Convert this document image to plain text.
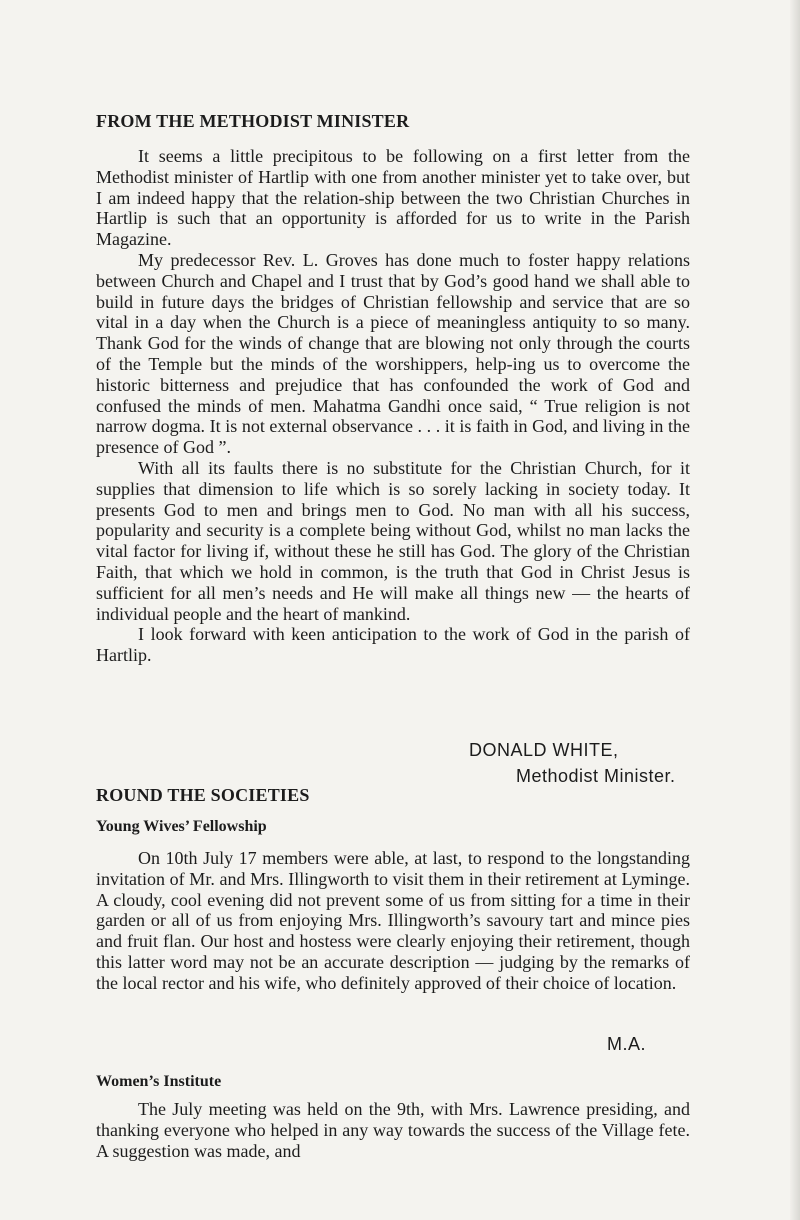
FROM THE METHODIST MINISTER

It seems a little precipitous to be following on a first letter from the Methodist minister of Hartlip with one from another minister yet to take over, but I am indeed happy that the relation-ship between the two Christian Churches in Hartlip is such that an opportunity is afforded for us to write in the Parish Magazine.

My predecessor Rev. L. Groves has done much to foster happy relations between Church and Chapel and I trust that by God’s good hand we shall able to build in future days the bridges of Christian fellowship and service that are so vital in a day when the Church is a piece of meaningless antiquity to so many. Thank God for the winds of change that are blowing not only through the courts of the Temple but the minds of the worshippers, help-ing us to overcome the historic bitterness and prejudice that has confounded the work of God and confused the minds of men. Mahatma Gandhi once said, “ True religion is not narrow dogma. It is not external observance . . . it is faith in God, and living in the presence of God ”.

With all its faults there is no substitute for the Christian Church, for it supplies that dimension to life which is so sorely lacking in society today. It presents God to men and brings men to God. No man with all his success, popularity and security is a complete being without God, whilst no man lacks the vital factor for living if, without these he still has God. The glory of the Christian Faith, that which we hold in common, is the truth that God in Christ Jesus is sufficient for all men’s needs and He will make all things new — the hearts of individual people and the heart of mankind.

I look forward with keen anticipation to the work of God in the parish of Hartlip.

DONALD WHITE,
Methodist Minister.
ROUND THE SOCIETIES
Young Wives’ Fellowship

On 10th July 17 members were able, at last, to respond to the longstanding invitation of Mr. and Mrs. Illingworth to visit them in their retirement at Lyminge. A cloudy, cool evening did not prevent some of us from sitting for a time in their garden or all of us from enjoying Mrs. Illingworth’s savoury tart and mince pies and fruit flan. Our host and hostess were clearly enjoying their retirement, though this latter word may not be an accurate description — judging by the remarks of the local rector and his wife, who definitely approved of their choice of location.

M.A.
Women’s Institute

The July meeting was held on the 9th, with Mrs. Lawrence presiding, and thanking everyone who helped in any way towards the success of the Village fete. A suggestion was made, and
